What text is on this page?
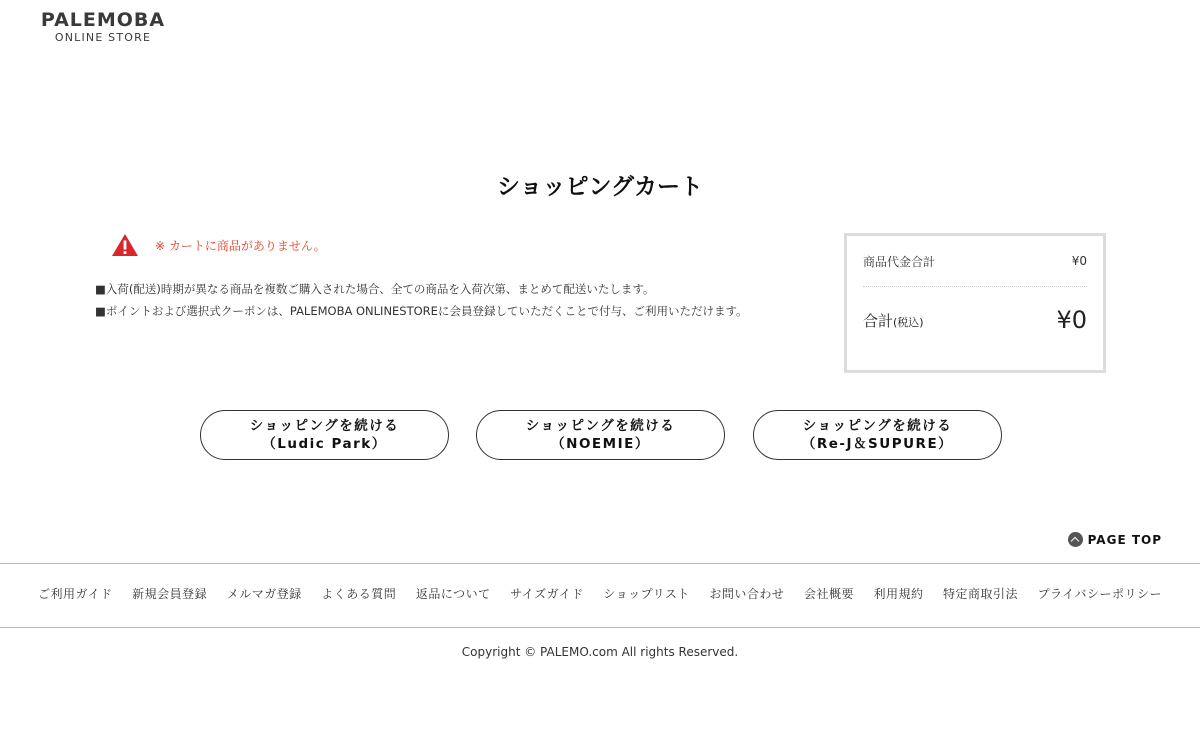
PALEMOBA
ONLINE STORE
ショッピングカート
※ カートに商品がありません。

■入荷(配送)時期が異なる商品を複数ご購入された場合、全ての商品を入荷次第、まとめて配送いたします。

■ポイントおよび選択式クーポンは、PALEMOBA ONLINESTOREに会員登録していただくことで付与、ご利用いただけます。

商品代金合計	¥0
合計(税込)	¥0
ショッピングを続ける
（Ludic Park）
ショッピングを続ける
（NOEMIE）
ショッピングを続ける
（Re-J＆SUPURE）
PAGE TOP
ご利用ガイド 新規会員登録 メルマガ登録 よくある質問 返品について サイズガイド ショップリスト お問い合わせ 会社概要 利用規約 特定商取引法 プライバシーポリシー

Copyright © PALEMO.com All rights Reserved.
